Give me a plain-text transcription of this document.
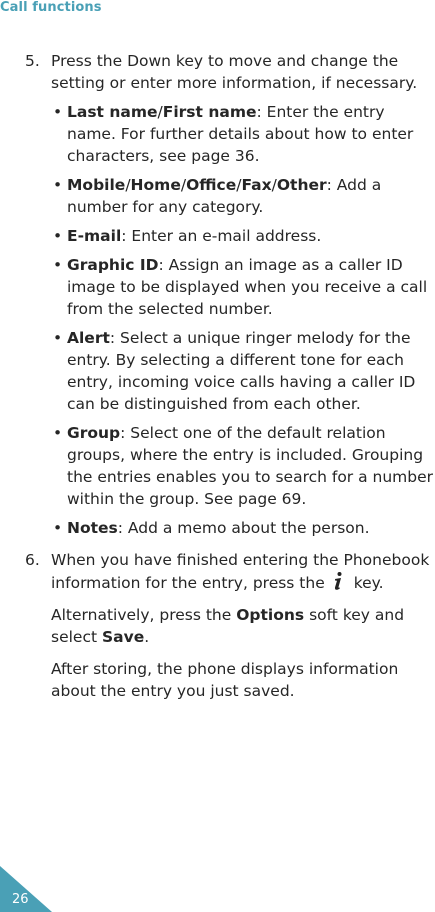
Call functions
5. Press the Down key to move and change the setting or enter more information, if necessary.

• Last name/First name: Enter the entry name. For further details about how to enter characters, see page 36.
• Mobile/Home/Office/Fax/Other: Add a number for any category.
• E-mail: Enter an e-mail address.
• Graphic ID: Assign an image as a caller ID image to be displayed when you receive a call from the selected number.
• Alert: Select a unique ringer melody for the entry. By selecting a different tone for each entry, incoming voice calls having a caller ID can be distinguished from each other.
• Group: Select one of the default relation groups, where the entry is included. Grouping the entries enables you to search for a number within the group. See page 69.
• Notes: Add a memo about the person.
6. When you have finished entering the Phonebook information for the entry, press the key.

Alternatively, press the Options soft key and select Save.

After storing, the phone displays information about the entry you just saved.

26
